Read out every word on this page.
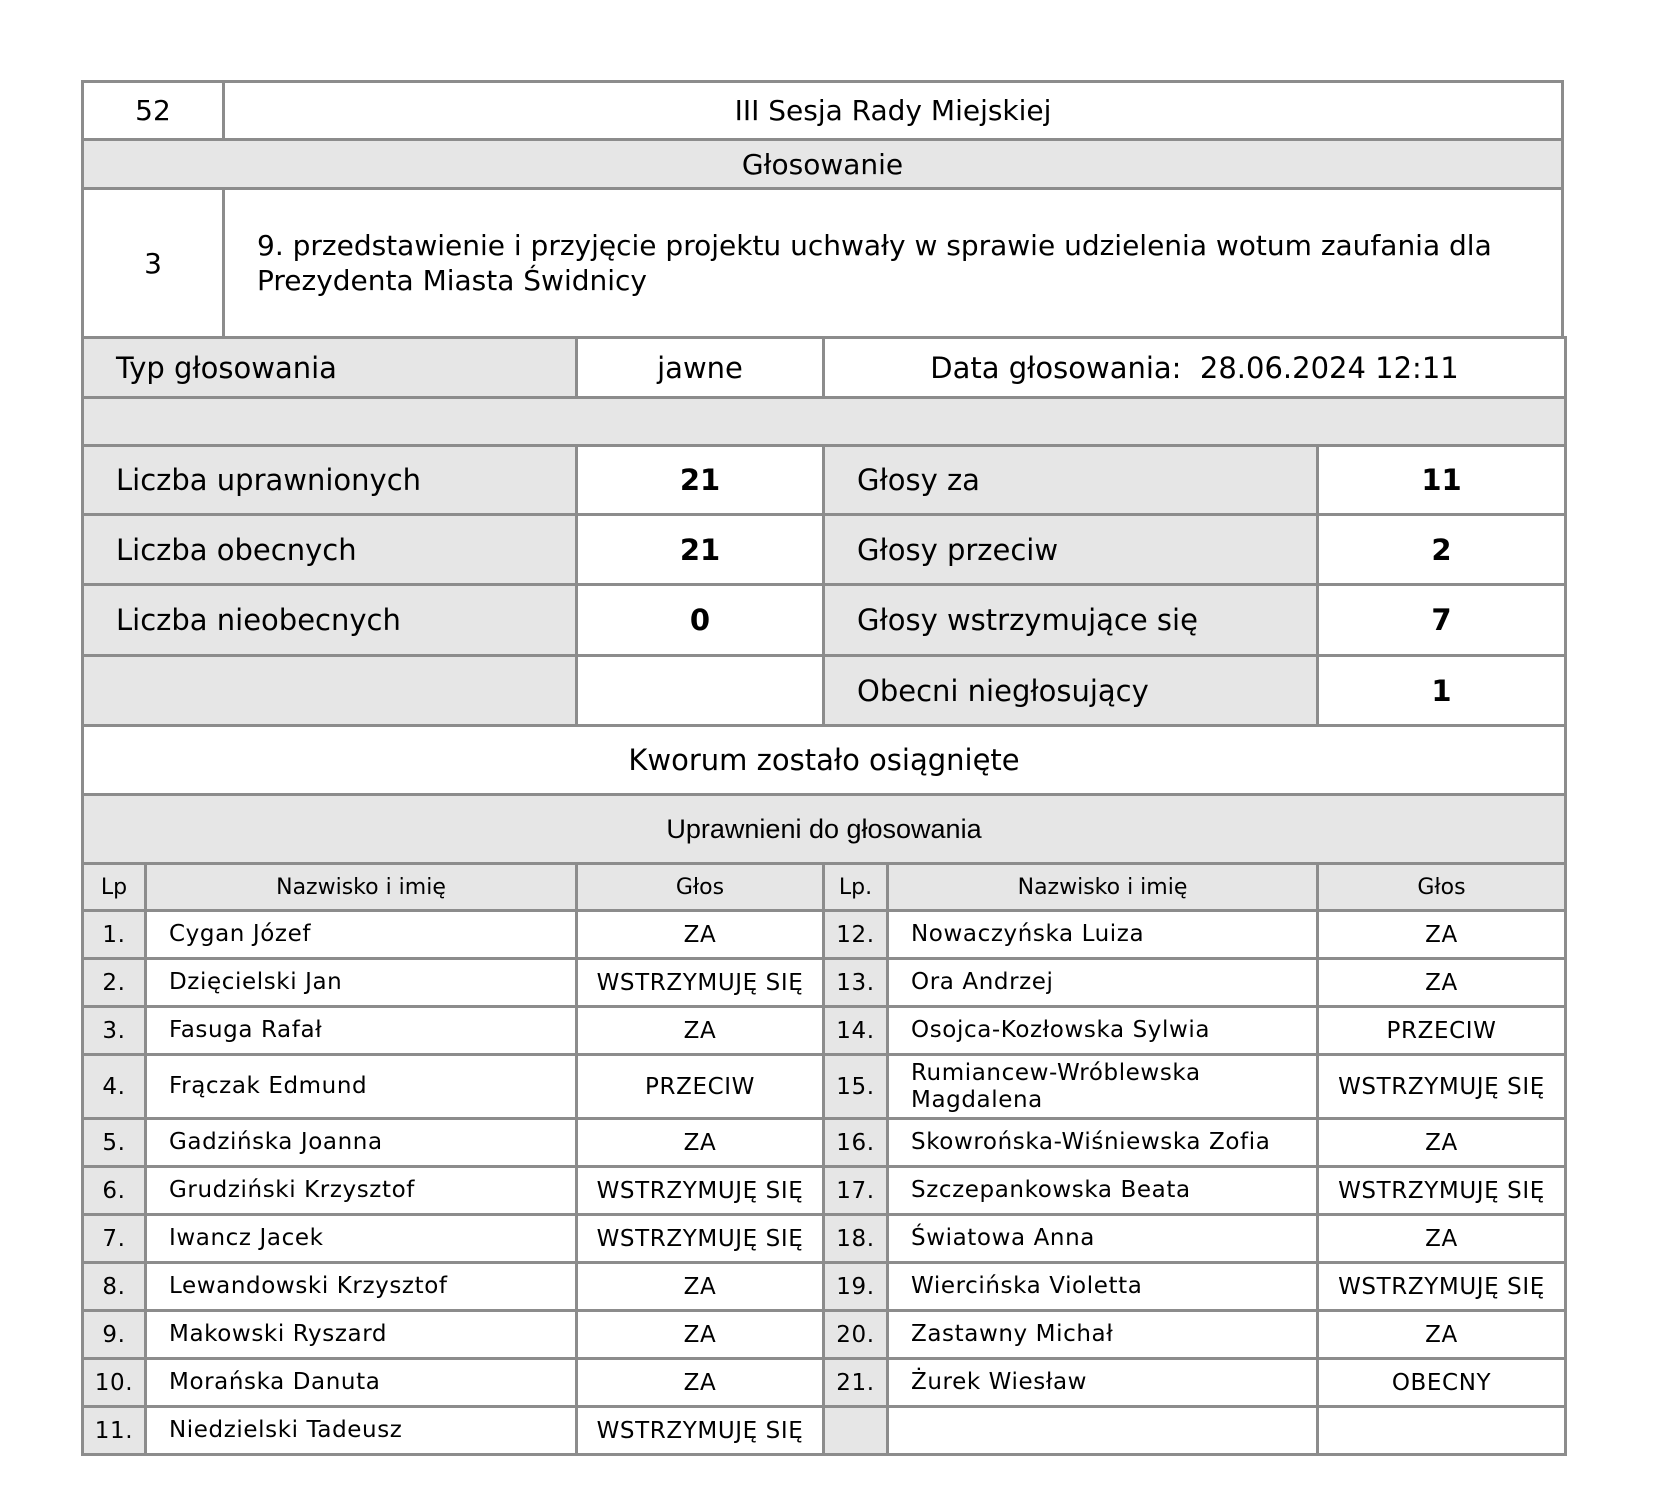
52	III Sesja Rady Miejskiej
Głosowanie	
3	9. przedstawienie i przyjęcie projektu uchwały w sprawie udzielenia wotum zaufania dla Prezydenta Miasta Świdnicy
Typ głosowania	jawne	Data głosowania: 28.06.2024 12:11	

Liczba uprawnionych	21	Głosy za	11
Liczba obecnych	21	Głosy przeciw	2
Liczba nieobecnych	0	Głosy wstrzymujące się	7
		Obecni niegłosujący	1
Kworum zostało osiągnięte			
Uprawnieni do głosowania			
Lp	Nazwisko i imię	Głos	Lp.	Nazwisko i imię	Głos
1.	Cygan Józef	ZA	12.	Nowaczyńska Luiza	ZA
2.	Dzięcielski Jan	WSTRZYMUJĘ SIĘ	13.	Ora Andrzej	ZA
3.	Fasuga Rafał	ZA	14.	Osojca-Kozłowska Sylwia	PRZECIW
4.	Frączak Edmund	PRZECIW	15.	Rumiancew-Wróblewska Magdalena	WSTRZYMUJĘ SIĘ
5.	Gadzińska Joanna	ZA	16.	Skowrońska-Wiśniewska Zofia	ZA
6.	Grudziński Krzysztof	WSTRZYMUJĘ SIĘ	17.	Szczepankowska Beata	WSTRZYMUJĘ SIĘ
7.	Iwancz Jacek	WSTRZYMUJĘ SIĘ	18.	Światowa Anna	ZA
8.	Lewandowski Krzysztof	ZA	19.	Wiercińska Violetta	WSTRZYMUJĘ SIĘ
9.	Makowski Ryszard	ZA	20.	Zastawny Michał	ZA
10.	Morańska Danuta	ZA	21.	Żurek Wiesław	OBECNY
11.	Niedzielski Tadeusz	WSTRZYMUJĘ SIĘ			
